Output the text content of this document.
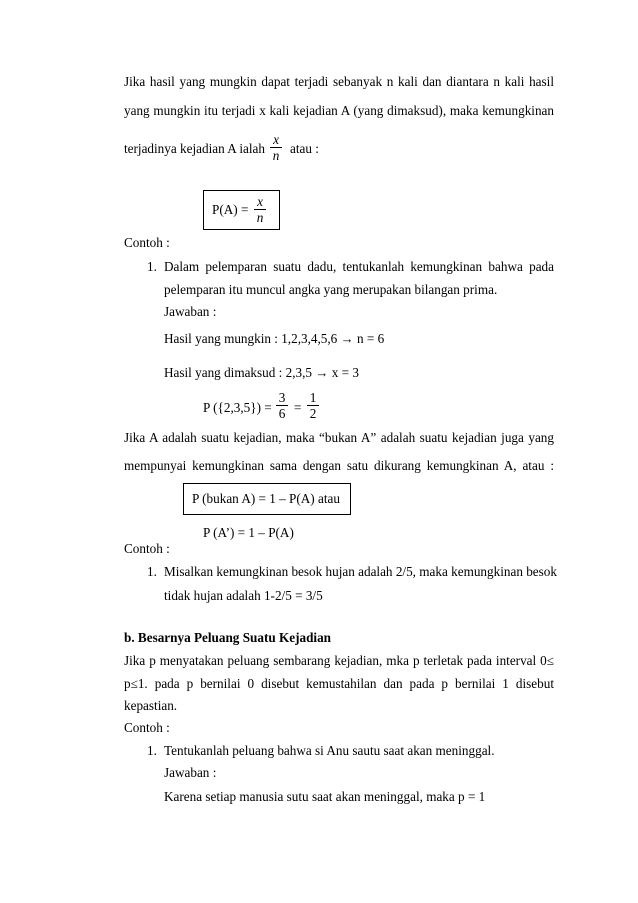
Jika hasil yang mungkin dapat terjadi sebanyak n kali dan diantara n kali hasil
yang mungkin itu terjadi x kali kejadian A (yang dimaksud), maka kemungkinan
terjadinya kejadian A ialah
x
n atau :
P(A) =
x
n
Contoh :
1. Dalam pelemparan suatu dadu, tentukanlah kemungkinan bahwa pada
pelemparan itu muncul angka yang merupakan bilangan prima.
Jawaban :
Hasil yang mungkin : 1,2,3,4,5,6 → n = 6
Hasil yang dimaksud : 2,3,5 → x = 3
P ({2,3,5}) =
3
6 =
1
2
Jika A adalah suatu kejadian, maka “bukan A” adalah suatu kejadian juga yang
mempunyai kemungkinan sama dengan satu dikurang kemungkinan A, atau :
P (bukan A) = 1 – P(A) atau
P (A’) = 1 – P(A)
Contoh :
1. Misalkan kemungkinan besok hujan adalah 2/5, maka kemungkinan besok
tidak hujan adalah 1-2/5 = 3/5
b. Besarnya Peluang Suatu Kejadian
Jika p menyatakan peluang sembarang kejadian, mka p terletak pada interval 0≤
p≤1. pada p bernilai 0 disebut kemustahilan dan pada p bernilai 1 disebut
kepastian.
Contoh :
1. Tentukanlah peluang bahwa si Anu sautu saat akan meninggal.
Jawaban :
Karena setiap manusia sutu saat akan meninggal, maka p = 1
